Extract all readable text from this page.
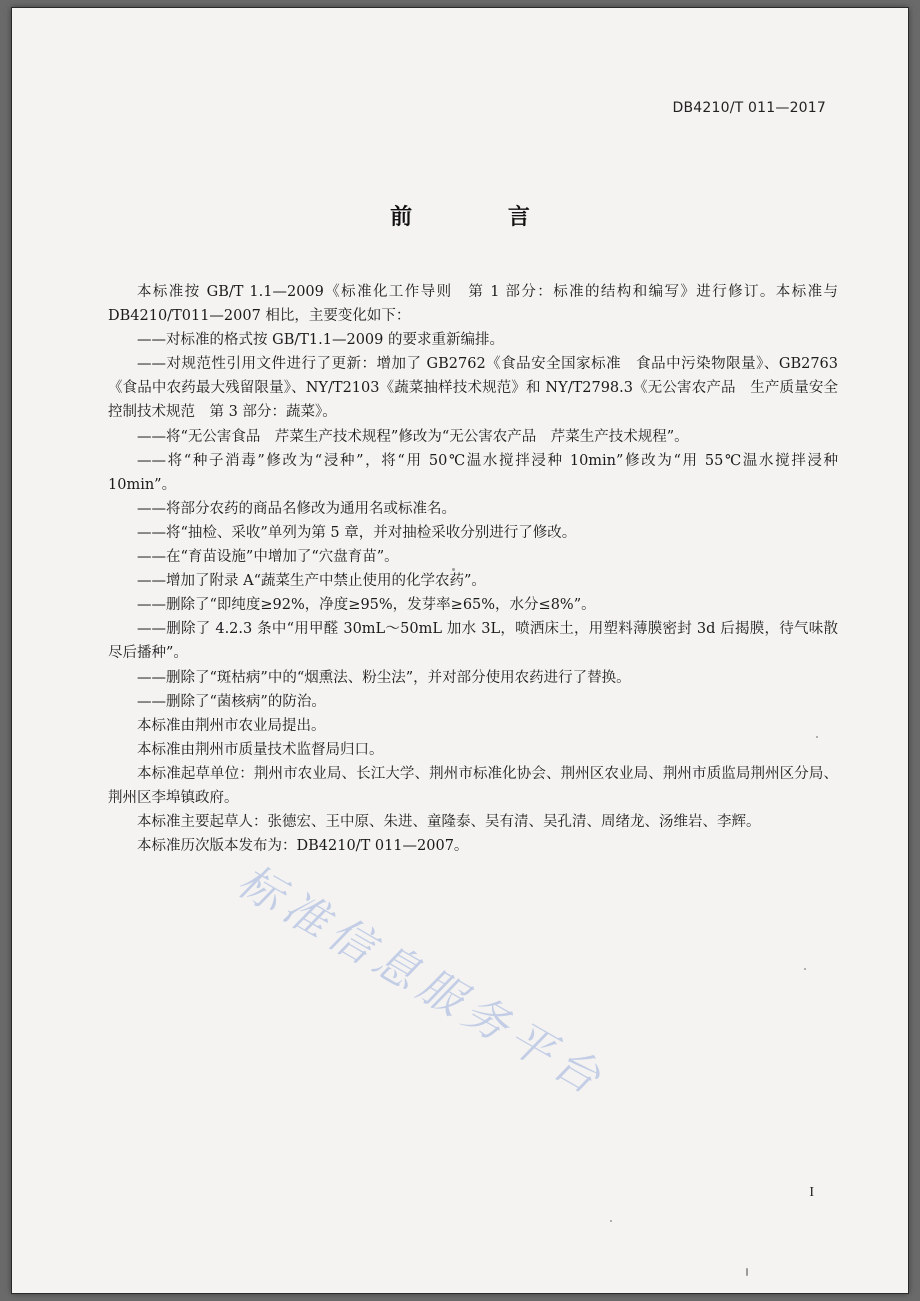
DB4210/T 011—2017
前 言

本标准按 GB/T 1.1—2009《标准化工作导则　第 1 部分：标准的结构和编写》进行修订。本标准与 DB4210/T011—2007 相比，主要变化如下：

——对标准的格式按 GB/T1.1—2009 的要求重新编排。

——对规范性引用文件进行了更新：增加了 GB2762《食品安全国家标准　食品中污染物限量》、GB2763《食品中农药最大残留限量》、NY/T2103《蔬菜抽样技术规范》和 NY/T2798.3《无公害农产品　生产质量安全控制技术规范　第 3 部分：蔬菜》。

——将“无公害食品　芹菜生产技术规程”修改为“无公害农产品　芹菜生产技术规程”。

——将“种子消毒”修改为“浸种”，将“用 50℃温水搅拌浸种 10min”修改为“用 55℃温水搅拌浸种 10min”。

——将部分农药的商品名修改为通用名或标准名。

——将“抽检、采收”单列为第 5 章，并对抽检采收分别进行了修改。

——在“育苗设施”中增加了“穴盘育苗”。

——增加了附录 A“蔬菜生产中禁止使用的化学农药”。

——删除了“即纯度≥92%，净度≥95%，发芽率≥65%，水分≤8%”。

——删除了 4.2.3 条中“用甲醛 30mL～50mL 加水 3L，喷洒床土，用塑料薄膜密封 3d 后揭膜，待气味散尽后播种”。

——删除了“斑枯病”中的“烟熏法、粉尘法”，并对部分使用农药进行了替换。

——删除了“菌核病”的防治。

本标准由荆州市农业局提出。

本标准由荆州市质量技术监督局归口。

本标准起草单位：荆州市农业局、长江大学、荆州市标准化协会、荆州区农业局、荆州市质监局荆州区分局、荆州区李埠镇政府。

本标准主要起草人：张德宏、王中原、朱进、童隆泰、吴有清、吴孔清、周绪龙、汤维岩、李辉。

本标准历次版本发布为：DB4210/T 011—2007。

标准信息服务平台
I
